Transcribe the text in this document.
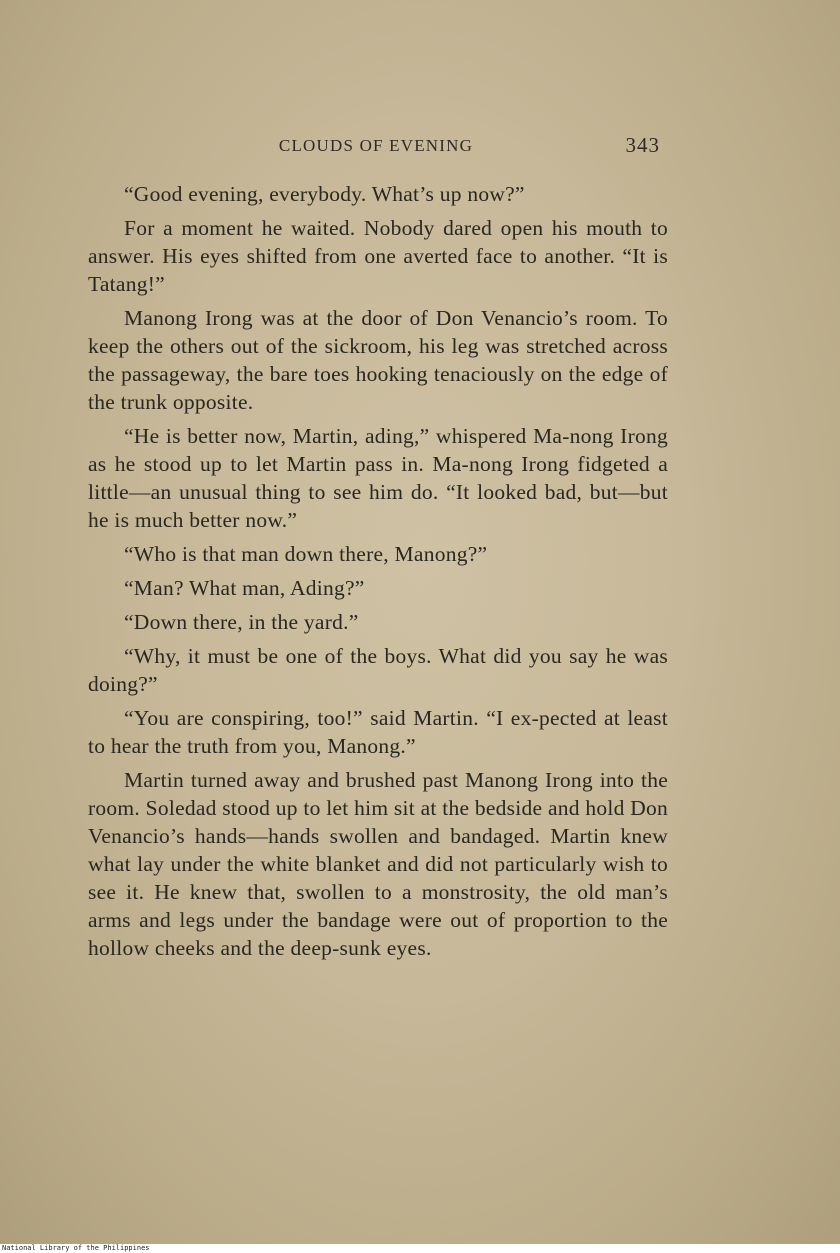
CLOUDS OF EVENING	343

“Good evening, everybody. What’s up now?”

For a moment he waited. Nobody dared open his mouth to answer. His eyes shifted from one averted face to another. “It is Tatang!”

Manong Irong was at the door of Don Venancio’s room. To keep the others out of the sickroom, his leg was stretched across the passageway, the bare toes hooking tenaciously on the edge of the trunk opposite.

“He is better now, Martin, ading,” whispered Ma-nong Irong as he stood up to let Martin pass in. Ma-nong Irong fidgeted a little—an unusual thing to see him do. “It looked bad, but—but he is much better now.”

“Who is that man down there, Manong?”

“Man? What man, Ading?”

“Down there, in the yard.”

“Why, it must be one of the boys. What did you say he was doing?”

“You are conspiring, too!” said Martin. “I ex-pected at least to hear the truth from you, Manong.”

Martin turned away and brushed past Manong Irong into the room. Soledad stood up to let him sit at the bedside and hold Don Venancio’s hands—hands swollen and bandaged. Martin knew what lay under the white blanket and did not particularly wish to see it. He knew that, swollen to a monstrosity, the old man’s arms and legs under the bandage were out of proportion to the hollow cheeks and the deep-sunk eyes.

National Library of the Philippines
